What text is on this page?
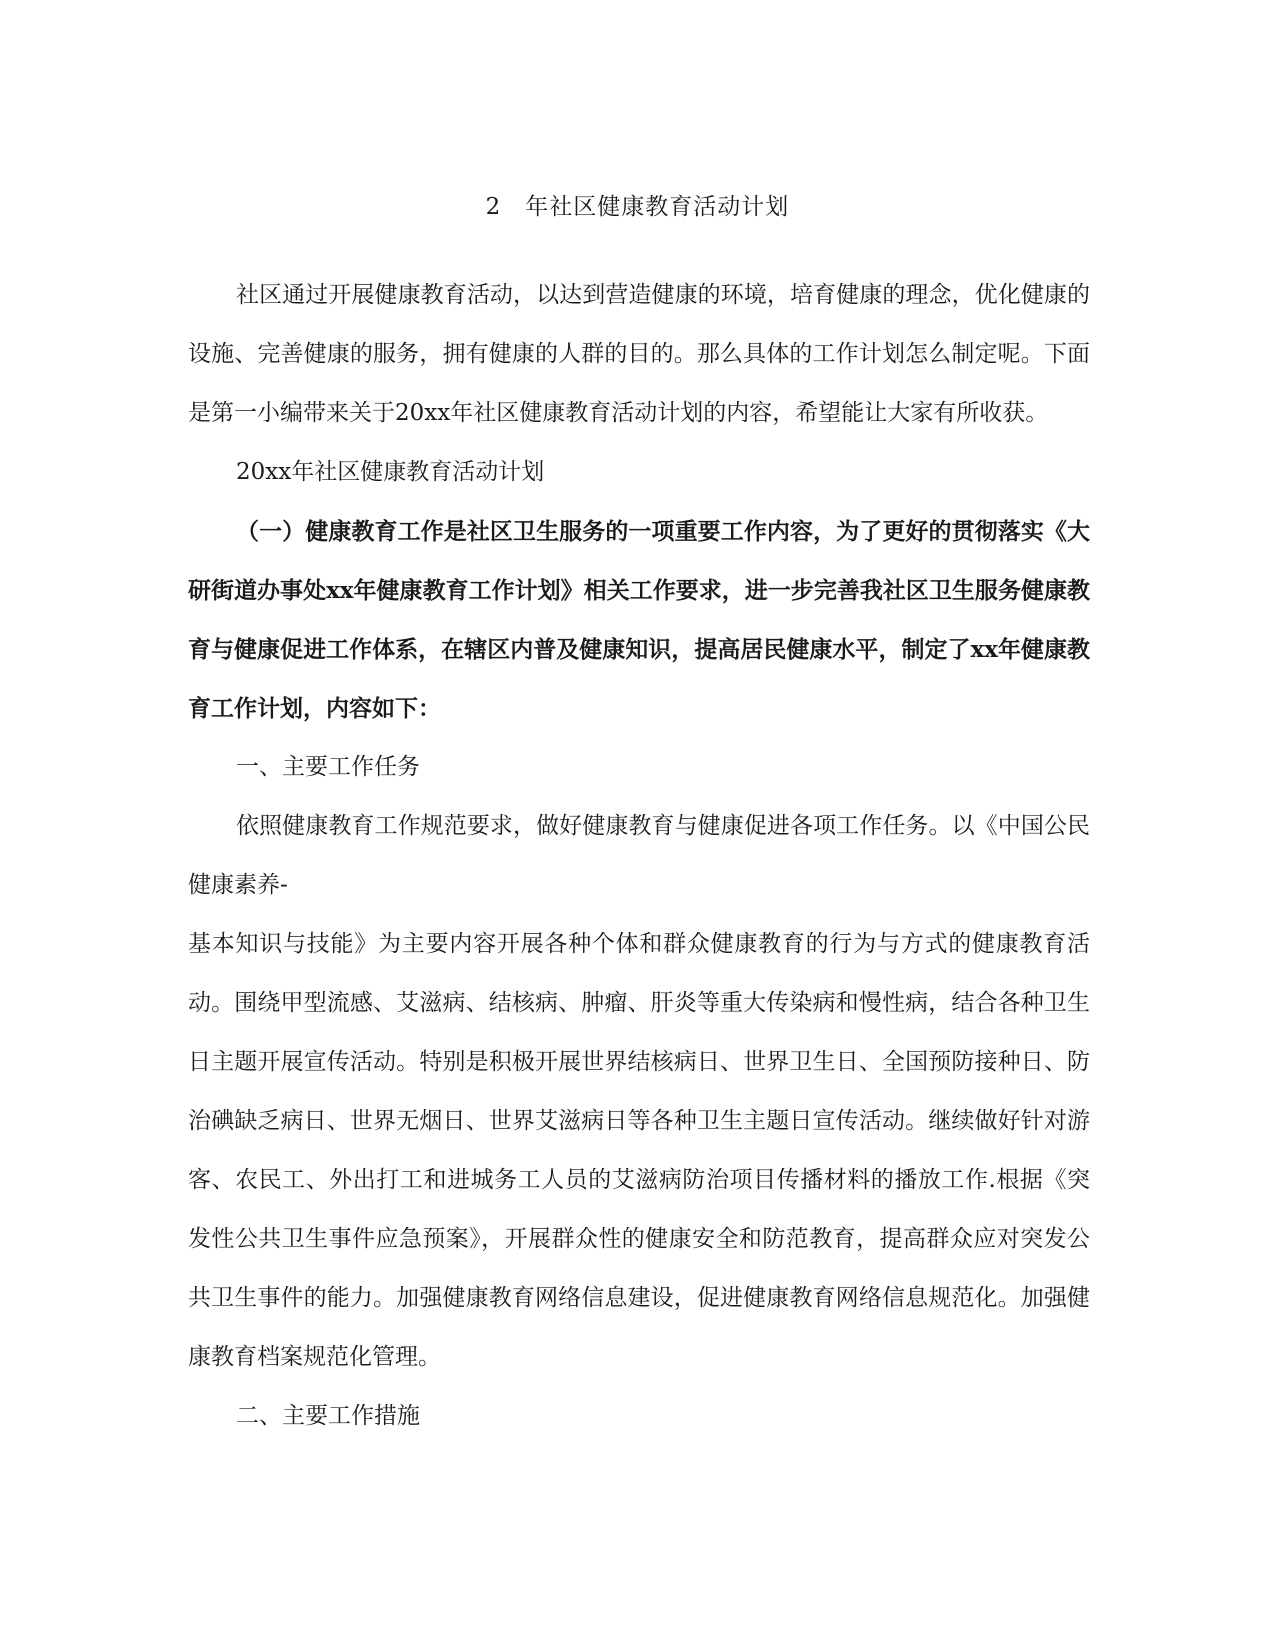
2　年社区健康教育活动计划

社区通过开展健康教育活动，以达到营造健康的环境，培育健康的理念，优化健康的设施、完善健康的服务，拥有健康的人群的目的。那么具体的工作计划怎么制定呢。下面是第一小编带来关于20xx年社区健康教育活动计划的内容，希望能让大家有所收获。

20xx年社区健康教育活动计划

（一）健康教育工作是社区卫生服务的一项重要工作内容，为了更好的贯彻落实《大研街道办事处xx年健康教育工作计划》相关工作要求，进一步完善我社区卫生服务健康教育与健康促进工作体系，在辖区内普及健康知识，提高居民健康水平，制定了xx年健康教育工作计划，内容如下：

一、主要工作任务

依照健康教育工作规范要求，做好健康教育与健康促进各项工作任务。以《中国公民健康素养-

基本知识与技能》为主要内容开展各种个体和群众健康教育的行为与方式的健康教育活动。围绕甲型流感、艾滋病、结核病、肿瘤、肝炎等重大传染病和慢性病，结合各种卫生日主题开展宣传活动。特别是积极开展世界结核病日、世界卫生日、全国预防接种日、防治碘缺乏病日、世界无烟日、世界艾滋病日等各种卫生主题日宣传活动。继续做好针对游客、农民工、外出打工和进城务工人员的艾滋病防治项目传播材料的播放工作.根据《突发性公共卫生事件应急预案》，开展群众性的健康安全和防范教育，提高群众应对突发公共卫生事件的能力。加强健康教育网络信息建设，促进健康教育网络信息规范化。加强健康教育档案规范化管理。

二、主要工作措施
